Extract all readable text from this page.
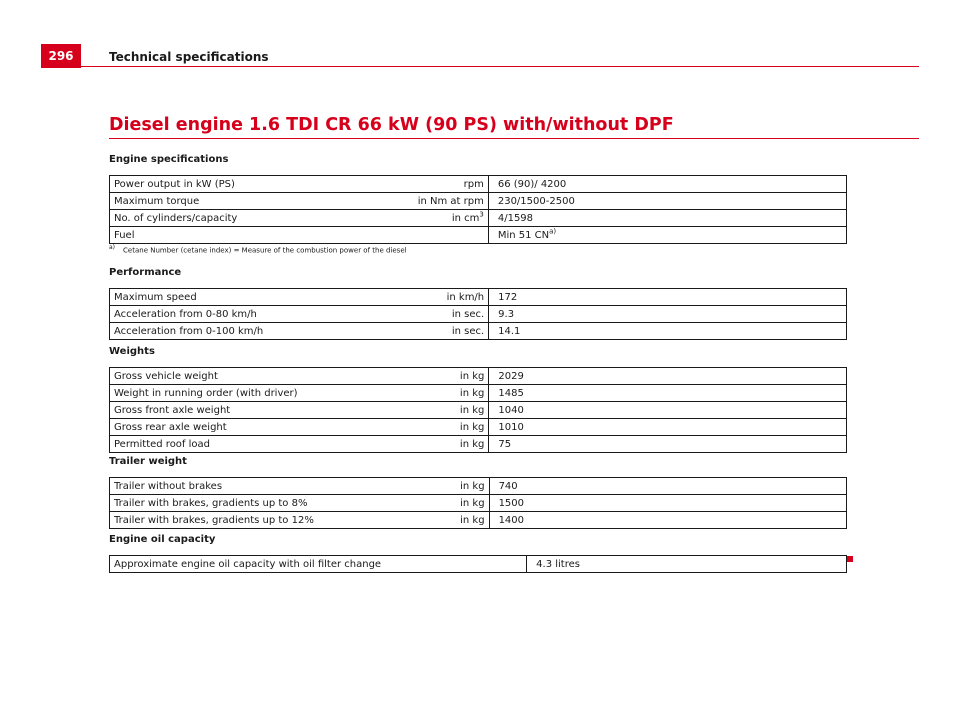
296	Technical specifications
Diesel engine 1.6 TDI CR 66 kW (90 PS) with/without DPF
Engine specifications
Power output in kW (PS)	rpm	66 (90)/ 4200
Maximum torque	in Nm at rpm	230/1500-2500
No. of cylinders/capacity	in $cm^3$	4/1598
Fuel		Min 51 CN$^{a)}$
a) Cetane Number (cetane index) = Measure of the combustion power of the diesel
Performance
Maximum speed	in km/h	172
Acceleration from 0-80 km/h	in sec.	9.3
Acceleration from 0-100 km/h	in sec.	14.1
Weights
Gross vehicle weight	in kg	2029
Weight in running order (with driver)	in kg	1485
Gross front axle weight	in kg	1040
Gross rear axle weight	in kg	1010
Permitted roof load	in kg	75
Trailer weight
Trailer without brakes	in kg	740
Trailer with brakes, gradients up to 8%	in kg	1500
Trailer with brakes, gradients up to 12%	in kg	1400
Engine oil capacity
Approximate engine oil capacity with oil filter change		4.3 litres
